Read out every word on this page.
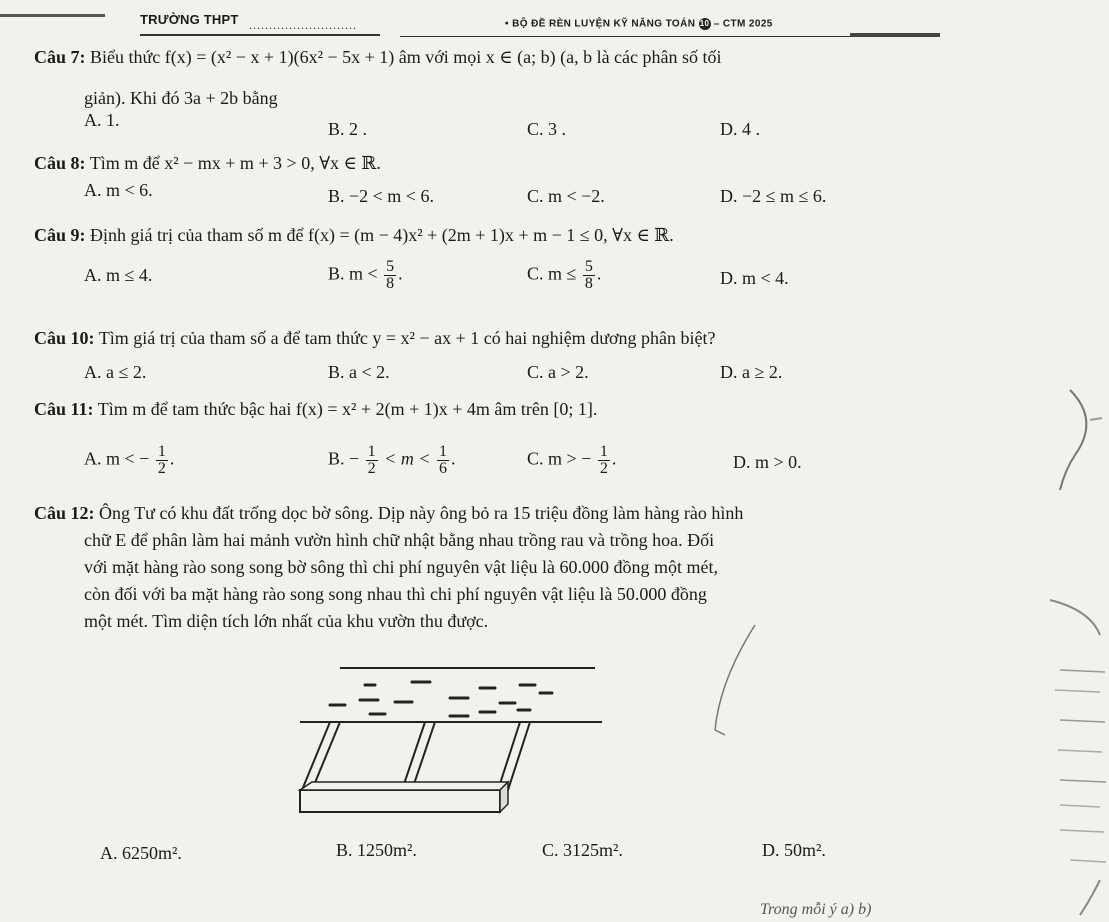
TRƯỜNG THPT ...........................	• BỘ ĐỀ RÈN LUYỆN KỸ NĂNG TOÁN 10 – CTM 2025
Câu 7: Biểu thức f(x) = (x² − x + 1)(6x² − 5x + 1) âm với mọi x ∈ (a; b) (a, b là các phân số tối
giản). Khi đó 3a + 2b bằng
A. 1.	B. 2 .	C. 3 .	D. 4 .
Câu 8: Tìm m để x² − mx + m + 3 > 0, ∀x ∈ ℝ.
A. m < 6.	B. −2 < m < 6.	C. m < −2.	D. −2 ≤ m ≤ 6.
Câu 9: Định giá trị của tham số m để f(x) = (m − 4)x² + (2m + 1)x + m − 1 ≤ 0, ∀x ∈ ℝ.
A. m ≤ 4.	B. $m < \frac{5}{8}$ .	C. $m \le \frac{5}{8}$ .	D. m < 4.
Câu 10: Tìm giá trị của tham số a để tam thức y = x² − ax + 1 có hai nghiệm dương phân biệt?
A. a ≤ 2.	B. a < 2.	C. a > 2.	D. a ≥ 2.
Câu 11: Tìm m để tam thức bậc hai f(x) = x² + 2(m + 1)x + 4m âm trên [0; 1].
A. m < − $\frac{1}{2}$ .	B. − $\frac{1}{2} < m < \frac{1}{6}$ .	C. m > − $\frac{1}{2}$ .	D. m > 0.
Câu 12: Ông Tư có khu đất trống dọc bờ sông. Dịp này ông bỏ ra 15 triệu đồng làm hàng rào hình
chữ E để phân làm hai mảnh vườn hình chữ nhật bằng nhau trồng rau và trồng hoa. Đối
với mặt hàng rào song song bờ sông thì chi phí nguyên vật liệu là 60.000 đồng một mét,
còn đối với ba mặt hàng rào song song nhau thì chi phí nguyên vật liệu là 50.000 đồng
một mét. Tìm diện tích lớn nhất của khu vườn thu được.
A. 6250m².	B. 1250m².	C. 3125m².	D. 50m².
Trong mỗi ý a) b)
